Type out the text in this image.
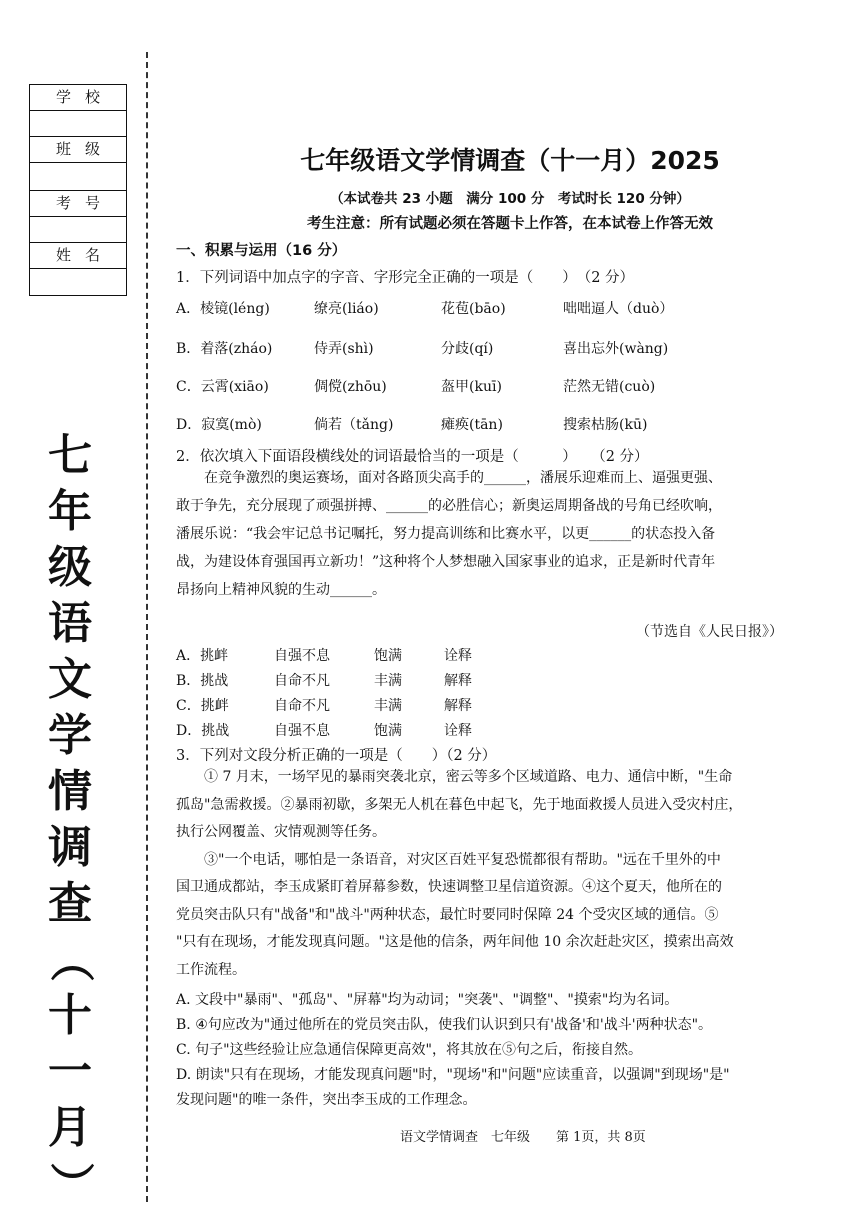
学校
班级
考号
姓名
七
年
级
语
文
学
情
调
查
（
十
一
月
）
七年级语文学情调查（十一月）2025
（本试卷共 23 小题　满分 100 分　考试时长 120 分钟）
考生注意：所有试题必须在答题卡上作答，在本试卷上作答无效
一、积累与运用（16 分）
1．下列词语中加点字的字音、字形完全正确的一项是（　　）　（2 分）
A．棱镜(léng)	缭亮(liáo)	花苞(bāo)	咄咄逼人（duò）
B．着落(zháo)	侍弄(shì)	分歧(qí)	喜出忘外(wàng)
C．云霄(xiāo)	倜傥(zhōu)	盔甲(kuī)	茫然无错(cuò)
D．寂寞(mò)	倘若（tǎng)	瘫痪(tān)	搜索枯肠(kū)
2．依次填入下面语段横线处的词语最恰当的一项是（　　　）　　（2 分）
　　在竞争激烈的奥运赛场，面对各路顶尖高手的______，潘展乐迎难而上、逼强更强、
敢于争先，充分展现了顽强拼搏、______的必胜信心；新奥运周期备战的号角已经吹响，
潘展乐说：“我会牢记总书记嘱托，努力提高训练和比赛水平，以更______的状态投入备
战，为建设体育强国再立新功！”这种将个人梦想融入国家事业的追求，正是新时代青年
昂扬向上精神风貌的生动______。
（节选自《人民日报》）
A．挑衅	自强不息	饱满	诠释
B．挑战	自命不凡	丰满	解释
C．挑衅	自命不凡	丰满	解释
D．挑战	自强不息	饱满	诠释
3．下列对文段分析正确的一项是（　　）（2 分）
　　① 7 月末，一场罕见的暴雨突袭北京，密云等多个区域道路、电力、通信中断，"生命
孤岛"急需救援。②暴雨初歇，多架无人机在暮色中起飞，先于地面救援人员进入受灾村庄，
执行公网覆盖、灾情观测等任务。
　　③"一个电话，哪怕是一条语音，对灾区百姓平复恐慌都很有帮助。"远在千里外的中
国卫通成都站，李玉成紧盯着屏幕参数，快速调整卫星信道资源。④这个夏天，他所在的
党员突击队只有"战备"和"战斗"两种状态，最忙时要同时保障 24 个受灾区域的通信。⑤
"只有在现场，才能发现真问题。"这是他的信条，两年间他 10 余次赶赴灾区，摸索出高效
工作流程。
A. 文段中"暴雨"、"孤岛"、"屏幕"均为动词；"突袭"、"调整"、"摸索"均为名词。
B. ④句应改为"通过他所在的党员突击队，使我们认识到只有'战备'和'战斗'两种状态"。
C. 句子"这些经验让应急通信保障更高效"，将其放在⑤句之后，衔接自然。
D. 朗读"只有在现场，才能发现真问题"时，"现场"和"问题"应读重音，以强调"到现场"是"
发现问题"的唯一条件，突出李玉成的工作理念。
语文学情调查　七年级　　第 1页，共 8页
